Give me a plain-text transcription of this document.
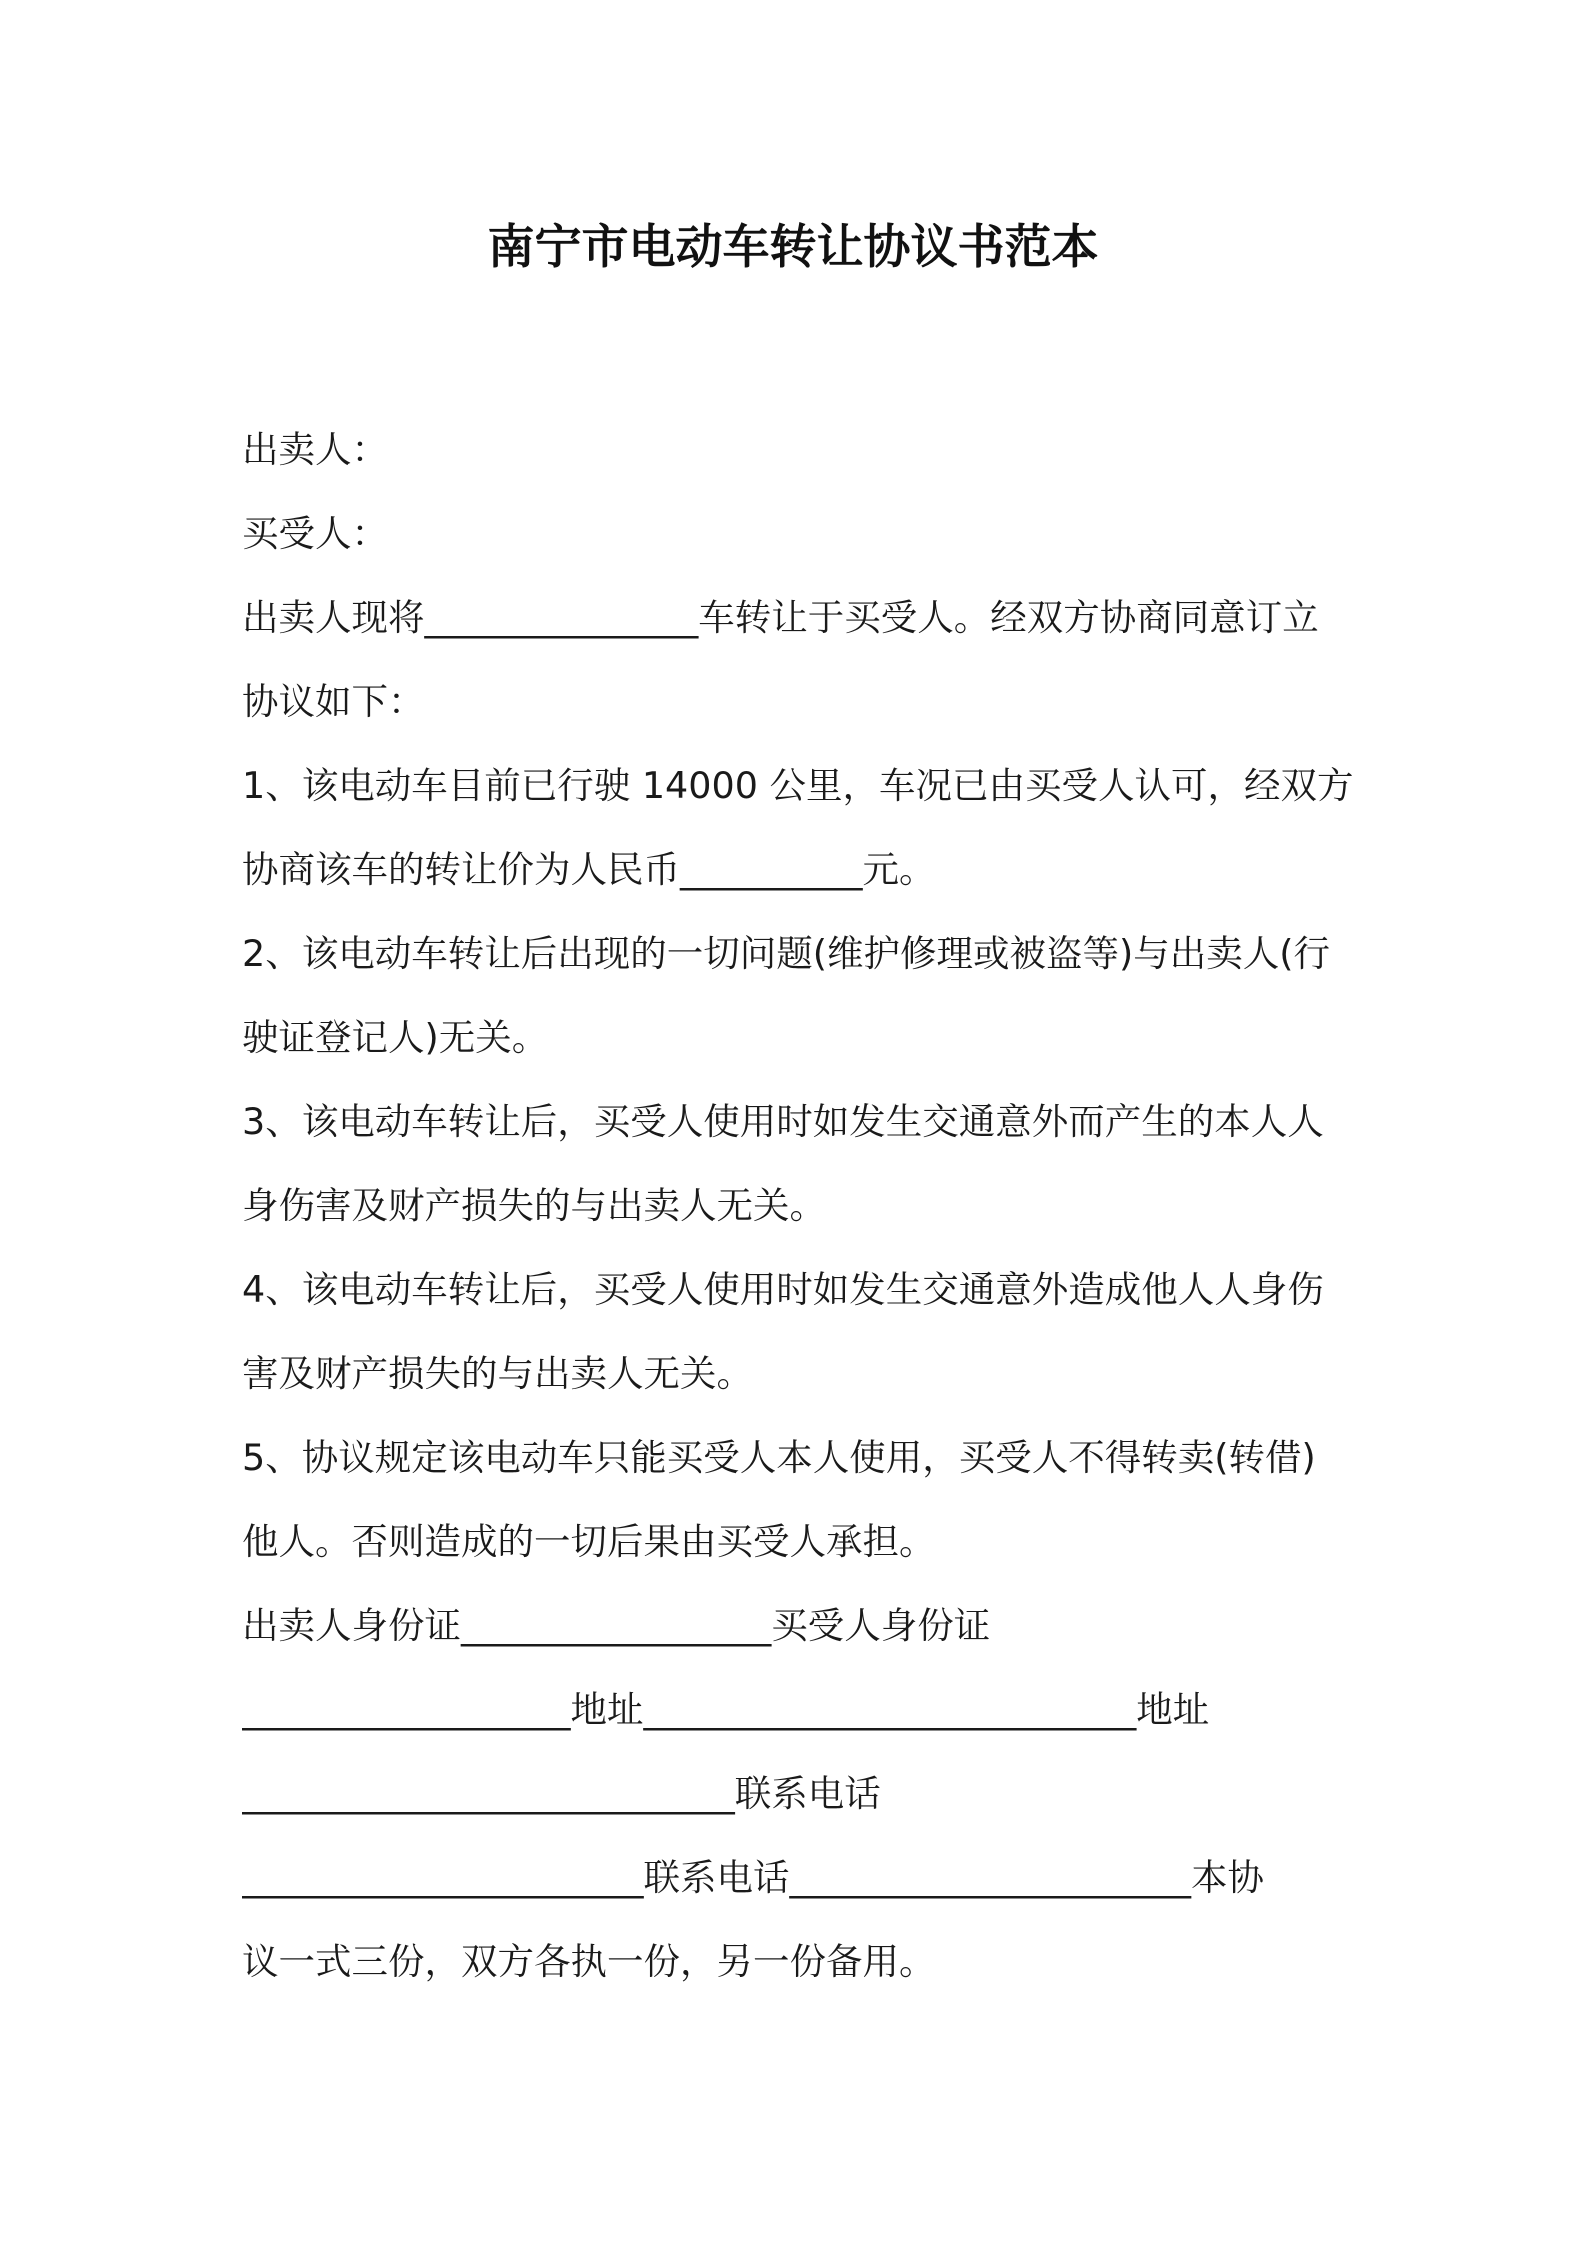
南宁市电动车转让协议书范本
出卖人：
买受人：
出卖人现将_______________车转让于买受人。经双方协商同意订立
协议如下：
1、该电动车目前已行驶 14000 公里，车况已由买受人认可，经双方
协商该车的转让价为人民币__________元。
2、该电动车转让后出现的一切问题(维护修理或被盗等)与出卖人(行
驶证登记人)无关。
3、该电动车转让后，买受人使用时如发生交通意外而产生的本人人
身伤害及财产损失的与出卖人无关。
4、该电动车转让后，买受人使用时如发生交通意外造成他人人身伤
害及财产损失的与出卖人无关。
5、协议规定该电动车只能买受人本人使用，买受人不得转卖(转借)
他人。否则造成的一切后果由买受人承担。
出卖人身份证_________________买受人身份证
__________________地址___________________________地址
___________________________联系电话
______________________联系电话______________________本协
议一式三份，双方各执一份，另一份备用。
